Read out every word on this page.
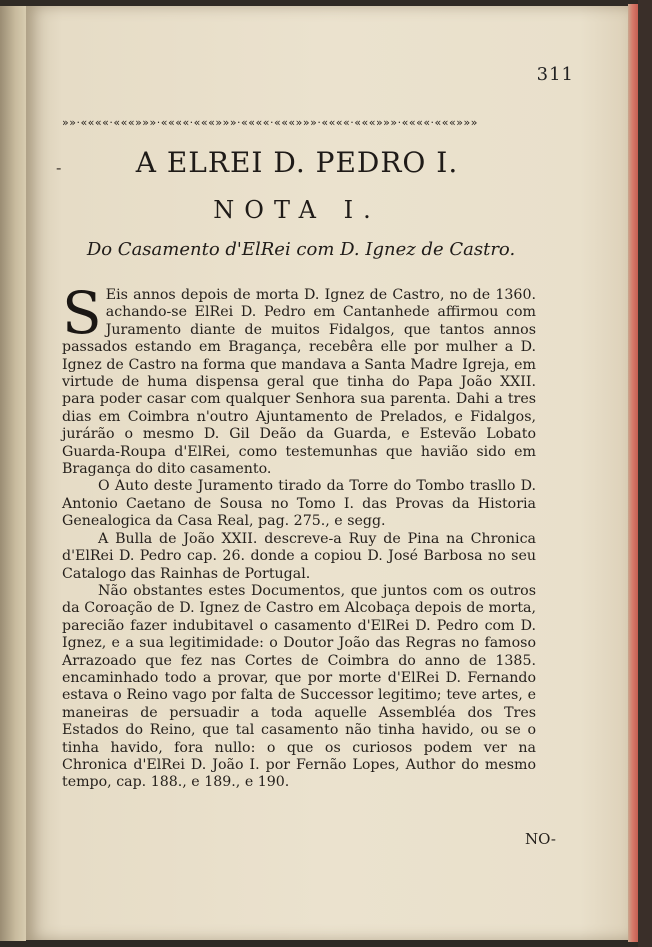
311
»»·««««·«««»»»·««««·«««»»»·««««·«««»»»·««««·«««»»»·««««·«««»»»
-	A ELREI D. PEDRO I.
NOTA I.
Do Casamento d'ElRei com D. Ignez de Castro.

S Eis annos depois de morta D. Ignez de Castro, no de 1360. achando-se ElRei D. Pedro em Cantanhede affirmou com Juramento diante de muitos Fidalgos, que tantos annos passados estando em Bragança, recebêra elle por mulher a D. Ignez de Castro na forma que mandava a Santa Madre Igreja, em virtude de huma dispensa geral que tinha do Papa João XXII. para poder casar com qualquer Senhora sua parenta. Dahi a tres dias em Coimbra n'outro Ajuntamento de Prelados, e Fidalgos, jurárão o mesmo D. Gil Deão da Guarda, e Estevão Lobato Guarda-Roupa d'ElRei, como testemunhas que havião sido em Bragança do dito casamento.

O Auto deste Juramento tirado da Torre do Tombo trasllo D. Antonio Caetano de Sousa no Tomo I. das Provas da Historia Genealogica da Casa Real, pag. 275., e segg.

A Bulla de João XXII. descreve-a Ruy de Pina na Chronica d'ElRei D. Pedro cap. 26. donde a copiou D. José Barbosa no seu Catalogo das Rainhas de Portugal.

Não obstantes estes Documentos, que juntos com os outros da Coroação de D. Ignez de Castro em Alcobaça depois de morta, parecião fazer indubitavel o casamento d'ElRei D. Pedro com D. Ignez, e a sua legitimidade: o Doutor João das Regras no famoso Arrazoado que fez nas Cortes de Coimbra do anno de 1385. encaminhado todo a provar, que por morte d'ElRei D. Fernando estava o Reino vago por falta de Successor legitimo; teve artes, e maneiras de persuadir a toda aquelle Assembléa dos Tres Estados do Reino, que tal casamento não tinha havido, ou se o tinha havido, fora nullo: o que os curiosos podem ver na Chronica d'ElRei D. João I. por Fernão Lopes, Author do mesmo tempo, cap. 188., e 189., e 190.

NO-
